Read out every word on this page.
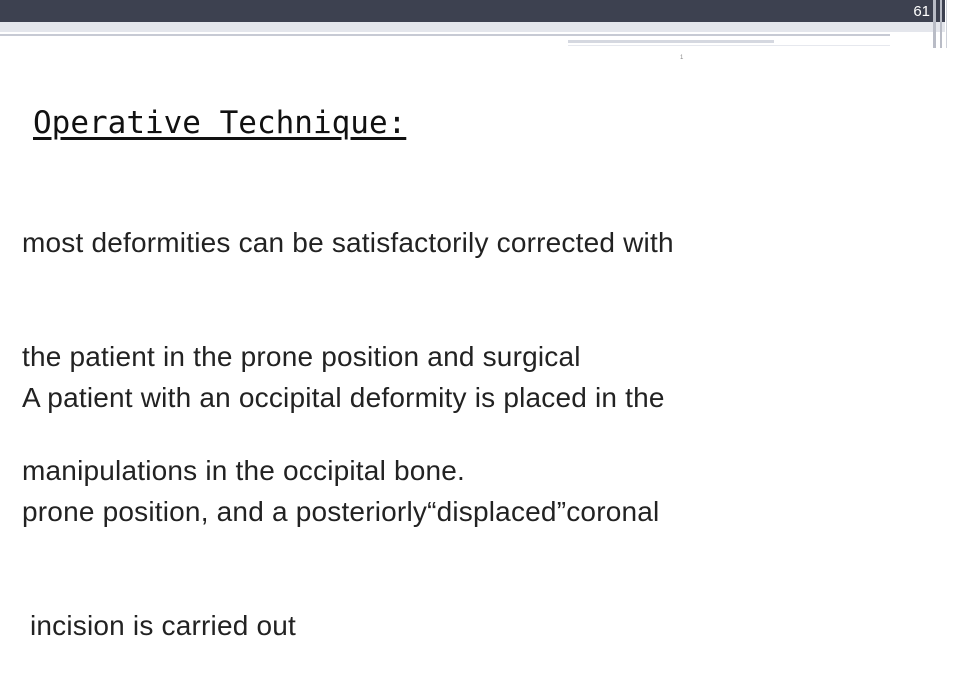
61
1
Operative Technique:

most deformities can be satisfactorily corrected with

the patient in the prone position and surgical

manipulations in the occipital bone.

A patient with an occipital deformity is placed in the

prone position, and a posteriorly“displaced”coronal

incision is carried out
